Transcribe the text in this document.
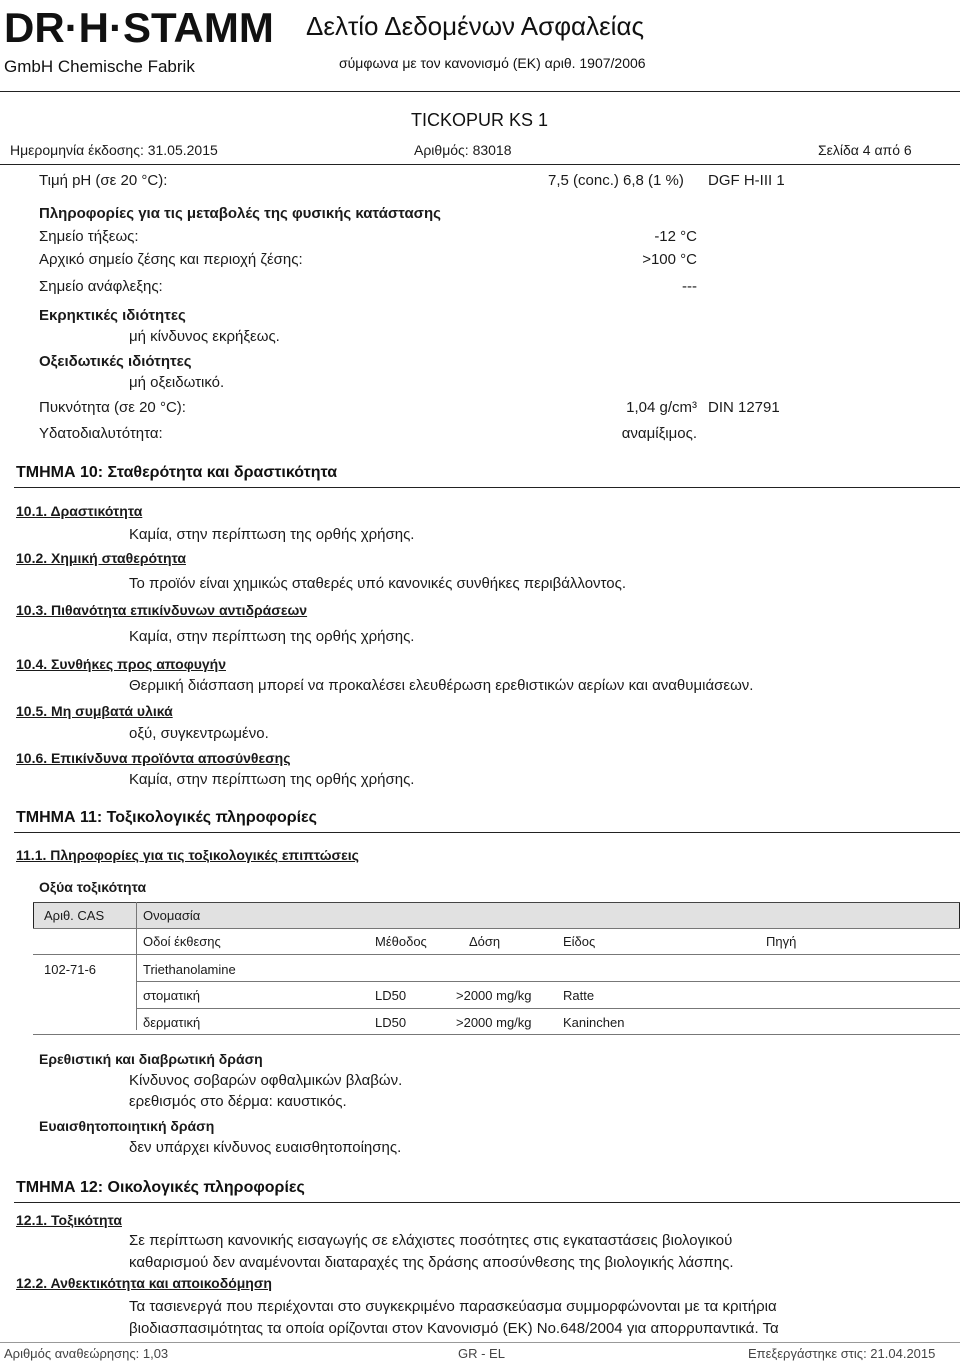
DR·H·STAMM
GmbH Chemische Fabrik
Δελτίο Δεδομένων Ασφαλείας
σύμφωνα με τον κανονισμό (ΕΚ) αριθ. 1907/2006
TICKOPUR KS 1
Ημερομηνία έκδοσης: 31.05.2015	Αριθμός: 83018	Σελίδα 4 από 6
Τιμή pH (σε 20 °C):	7,5 (conc.) 6,8 (1 %) DGF H-III 1
Πληροφορίες για τις μεταβολές της φυσικής κατάστασης
Σημείο τήξεως:	-12 °C
Αρχικό σημείο ζέσης και περιοχή ζέσης:	>100 °C
Σημείο ανάφλεξης:	---
Εκρηκτικές ιδιότητες
μή κίνδυνος εκρήξεως.
Οξειδωτικές ιδιότητες
μή οξειδωτικό.
Πυκνότητα (σε 20 °C):	1,04 g/cm³ DIN 12791
Υδατοδιαλυτότητα:	αναμίξιμος.
ΤΜΗΜΑ 10: Σταθερότητα και δραστικότητα
10.1. Δραστικότητα
Καμία, στην περίπτωση της ορθής χρήσης.
10.2. Χημική σταθερότητα
Το προϊόν είναι χημικώς σταθερές υπό κανονικές συνθήκες περιβάλλοντος.
10.3. Πιθανότητα επικίνδυνων αντιδράσεων
Καμία, στην περίπτωση της ορθής χρήσης.
10.4. Συνθήκες προς αποφυγήν
Θερμική διάσπαση μπορεί να προκαλέσει ελευθέρωση ερεθιστικών αερίων και αναθυμιάσεων.
10.5. Μη συμβατά υλικά
οξύ, συγκεντρωμένο.
10.6. Επικίνδυνα προϊόντα αποσύνθεσης
Καμία, στην περίπτωση της ορθής χρήσης.
ΤΜΗΜΑ 11: Τοξικολογικές πληροφορίες
11.1. Πληροφορίες για τις τοξικολογικές επιπτώσεις
Οξύα τοξικότητα
Αριθ. CAS	Ονομασία
Οδοί έκθεσης	Μέθοδος	Δόση	Είδος	Πηγή
102-71-6	Triethanolamine
στοματική	LD50	>2000 mg/kg Ratte
δερματική	LD50	>2000 mg/kg Kaninchen
Ερεθιστική και διαβρωτική δράση
Κίνδυνος σοβαρών οφθαλμικών βλαβών.
ερεθισμός στο δέρμα: καυστικός.
Ευαισθητοποιητική δράση
δεν υπάρχει κίνδυνος ευαισθητοποίησης.
ΤΜΗΜΑ 12: Οικολογικές πληροφορίες
12.1. Τοξικότητα
Σε περίπτωση κανονικής εισαγωγής σε ελάχιστες ποσότητες στις εγκαταστάσεις βιολογικού
καθαρισμού δεν αναμένονται διαταραχές της δράσης αποσύνθεσης της βιολογικής λάσπης.
12.2. Ανθεκτικότητα και αποικοδόμηση
Τα τασιενεργά που περιέχονται στο συγκεκριμένο παρασκεύασμα συμμορφώνονται με τα κριτήρια
βιοδιασπασιμότητας τα οποία ορίζονται στον Κανονισμό (ΕΚ) No.648/2004 για απορρυπαντικά. Τα
Αριθμός αναθεώρησης: 1,03	GR - EL	Επεξεργάστηκε στις: 21.04.2015
